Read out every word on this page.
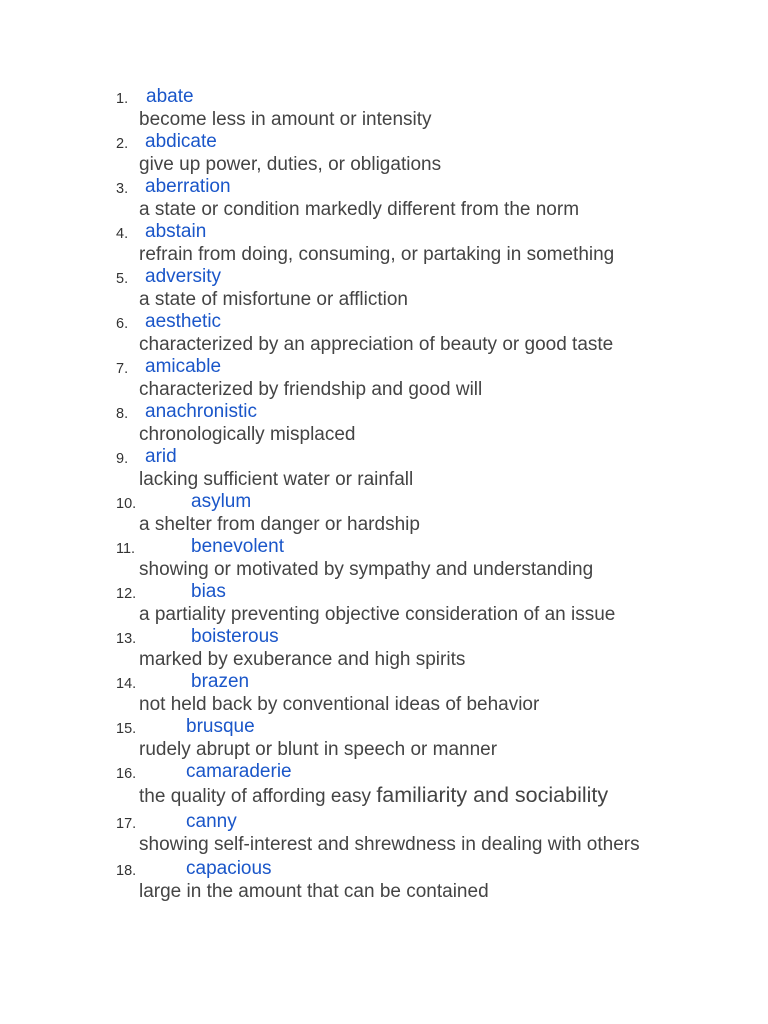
1. abate
become less in amount or intensity
2. abdicate
give up power, duties, or obligations
3. aberration
a state or condition markedly different from the norm
4. abstain
refrain from doing, consuming, or partaking in something
5. adversity
a state of misfortune or affliction
6. aesthetic
characterized by an appreciation of beauty or good taste
7. amicable
characterized by friendship and good will
8. anachronistic
chronologically misplaced
9. arid
lacking sufficient water or rainfall
10.	asylum
a shelter from danger or hardship
11.	benevolent
showing or motivated by sympathy and understanding
12.	bias
a partiality preventing objective consideration of an issue
13.	boisterous
marked by exuberance and high spirits
14.	brazen
not held back by conventional ideas of behavior
15.	brusque
rudely abrupt or blunt in speech or manner
16.	camaraderie
the quality of affording easy familiarity and sociability
17.	canny
showing self-interest and shrewdness in dealing with others
18.	capacious
large in the amount that can be contained
